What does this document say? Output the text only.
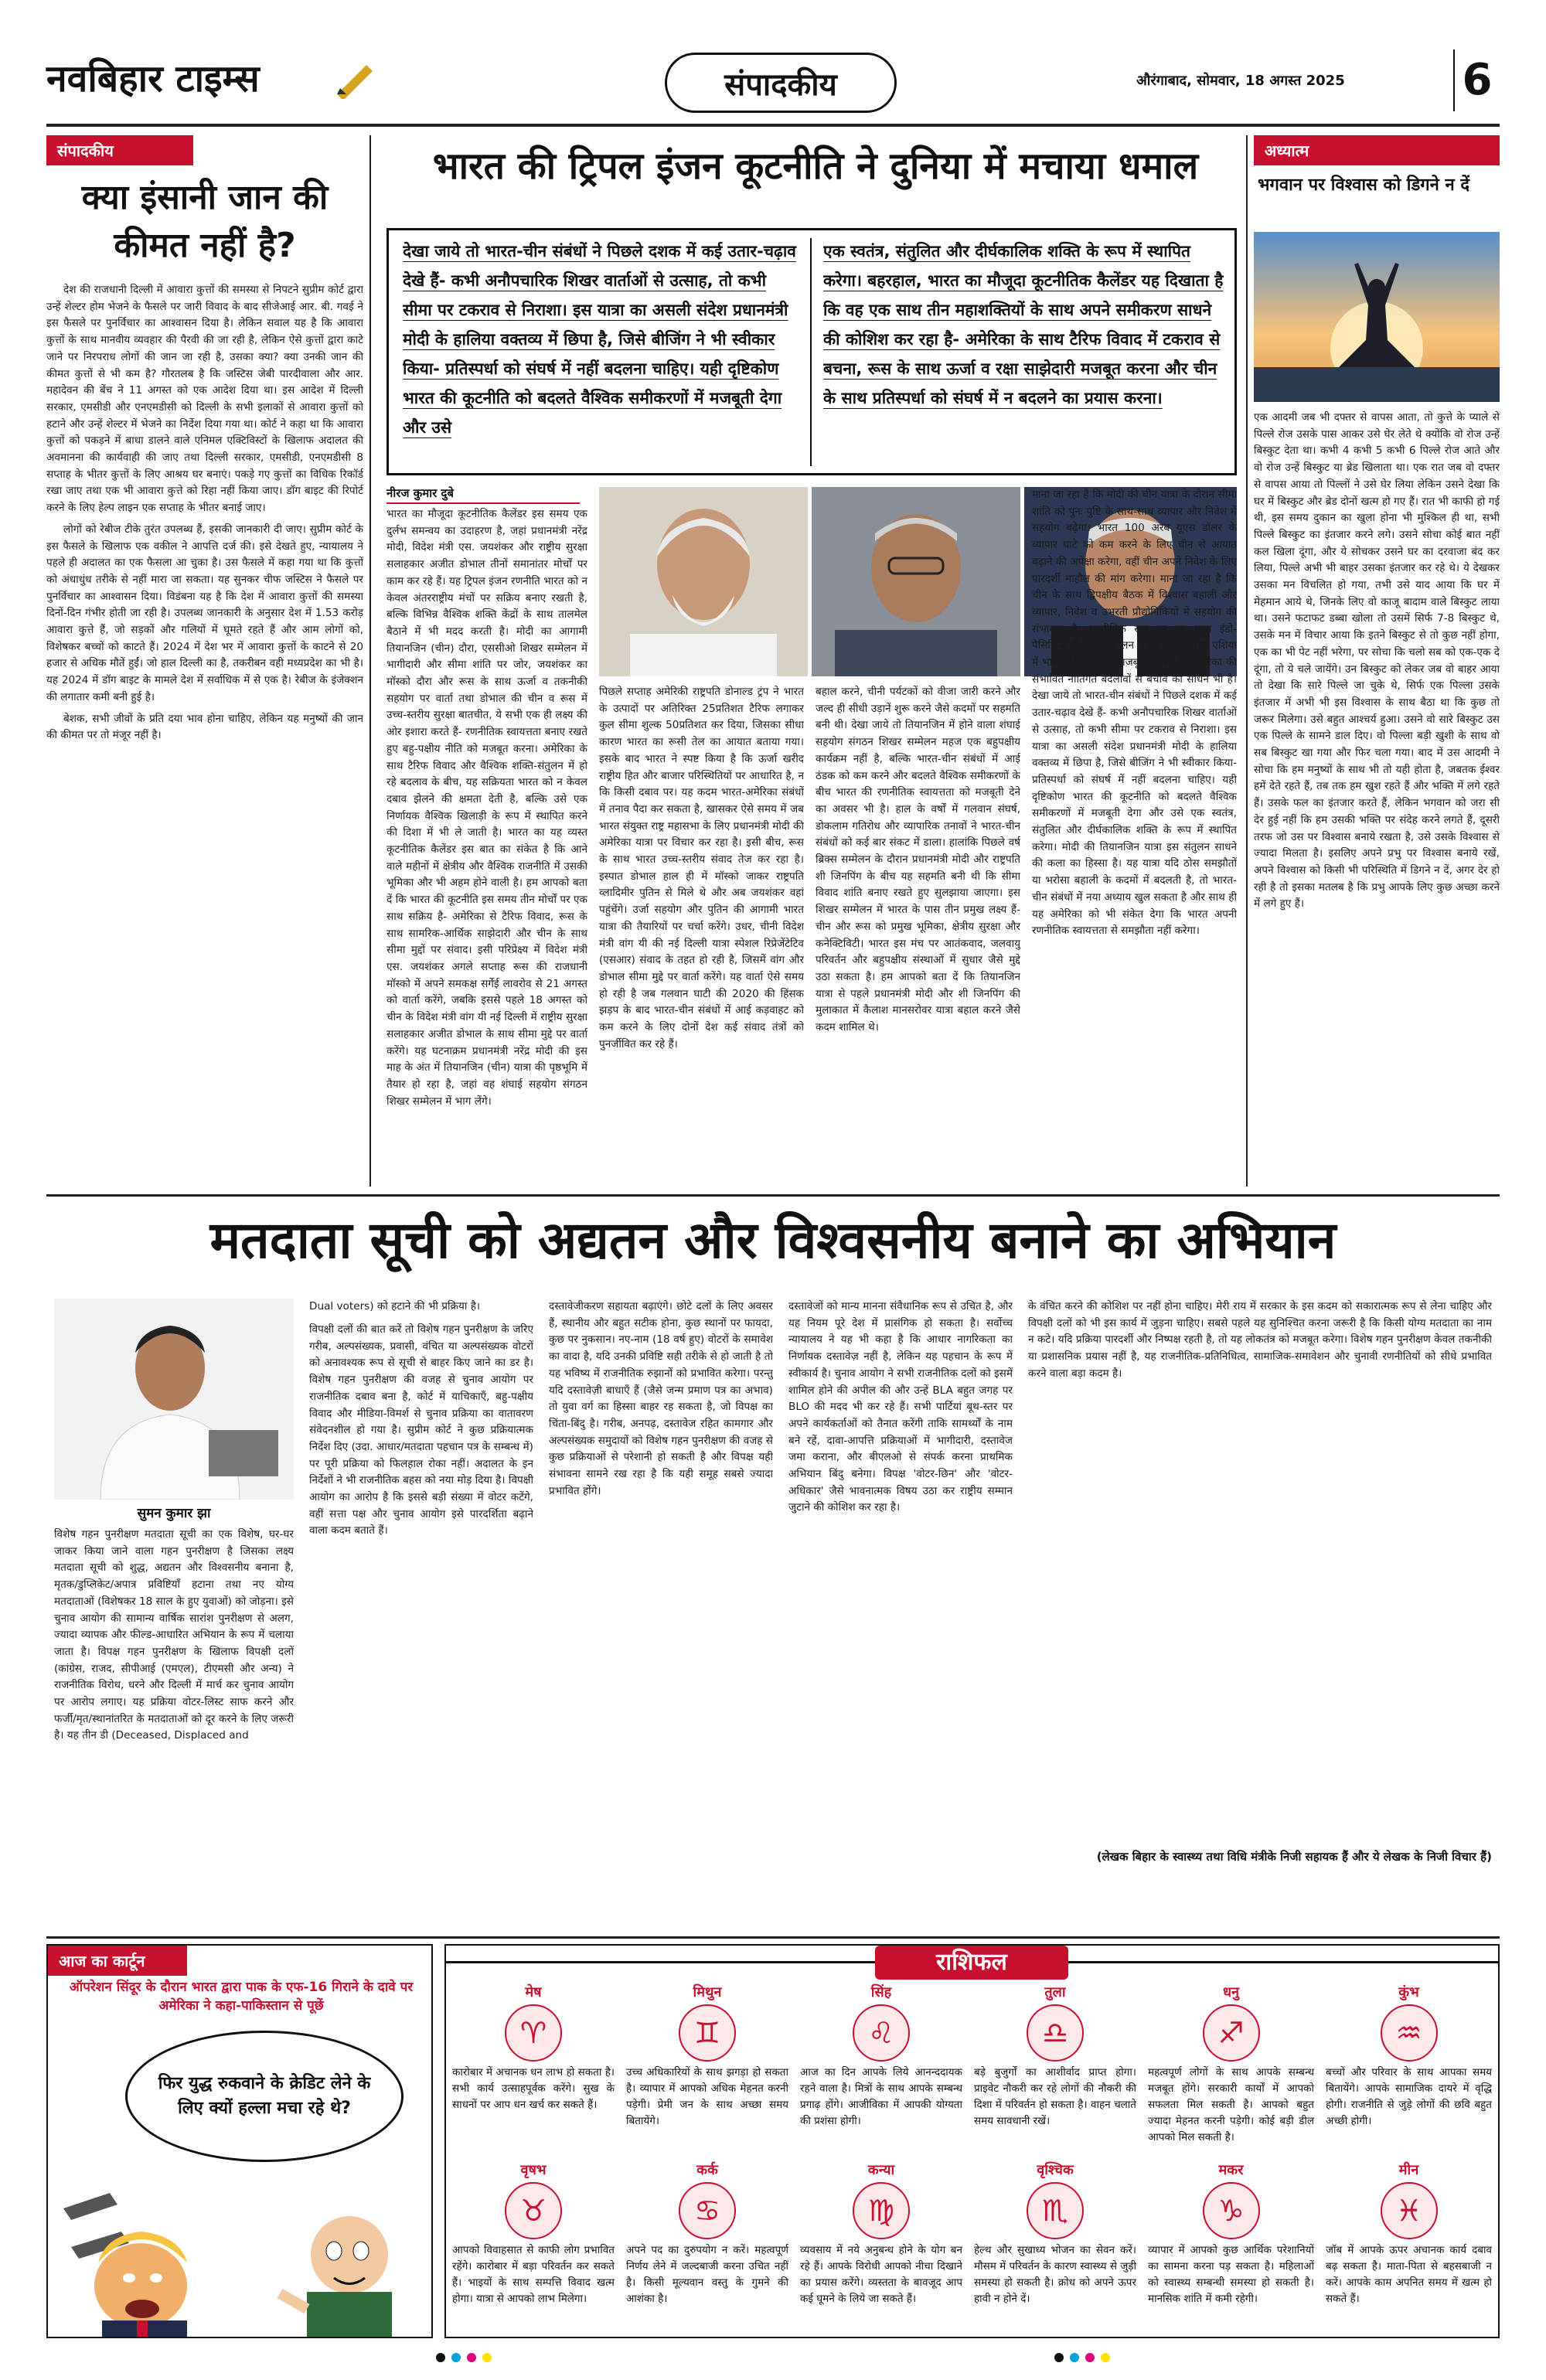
नवबिहार टाइम्स	संपादकीय	औरंगाबाद, सोमवार, 18 अगस्त 2025	6
संपादकीय
क्या इंसानी जान की कीमत नहीं है?

देश की राजधानी दिल्ली में आवारा कुत्तों की समस्या से निपटने सुप्रीम कोर्ट द्वारा उन्हें शेल्टर होम भेजने के फैसले पर जारी विवाद के बाद सीजेआई आर. बी. गवई ने इस फैसले पर पुनर्विचार का आश्वासन दिया है। लेकिन सवाल यह है कि आवारा कुत्तों के साथ मानवीय व्यवहार की पैरवी की जा रही है, लेकिन ऐसे कुत्तों द्वारा काटे जाने पर निरपराध लोगों की जान जा रही है, उसका क्या? क्या उनकी जान की कीमत कुत्तों से भी कम है? गौरतलब है कि जस्टिस जेबी पारदीवाला और आर. महादेवन की बेंच ने 11 अगस्त को एक आदेश दिया था। इस आदेश में दिल्ली सरकार, एमसीडी और एनएमडीसी को दिल्ली के सभी इलाकों से आवारा कुत्तों को हटाने और उन्हें शेल्टर में भेजने का निर्देश दिया गया था। कोर्ट ने कहा था कि आवारा कुत्तों को पकड़ने में बाधा डालने वाले एनिमल एक्टिविस्टों के खिलाफ अदालत की अवमानना की कार्यवाही की जाए तथा दिल्ली सरकार, एमसीडी, एनएमडीसी 8 सप्ताह के भीतर कुत्तों के लिए आश्रय घर बनाएं। पकड़े गए कुत्तों का विधिक रिकॉर्ड रखा जाए तथा एक भी आवारा कुत्ते को रिहा नहीं किया जाए। डॉग बाइट की रिपोर्ट करने के लिए हेल्प लाइन एक सप्ताह के भीतर बनाई जाए।

लोगों को रेबीज टीके तुरंत उपलब्ध हैं, इसकी जानकारी दी जाए। सुप्रीम कोर्ट के इस फैसले के खिलाफ एक वकील ने आपत्ति दर्ज की। इसे देखते हुए, न्यायालय ने पहले ही अदालत का एक फैसला आ चुका है। उस फैसले में कहा गया था कि कुत्तों को अंधाधुंध तरीके से नहीं मारा जा सकता। यह सुनकर चीफ जस्टिस ने फैसले पर पुनर्विचार का आश्वासन दिया। विडंबना यह है कि देश में आवारा कुत्तों की समस्या दिनों-दिन गंभीर होती जा रही है। उपलब्ध जानकारी के अनुसार देश में 1.53 करोड़ आवारा कुत्ते हैं, जो सड़कों और गलियों में घूमते रहते हैं और आम लोगों को, विशेषकर बच्चों को काटते हैं। 2024 में देश भर में आवारा कुत्तों के काटने से 20 हजार से अधिक मौतें हुईं। जो हाल दिल्ली का है, तकरीबन वही मध्यप्रदेश का भी है। यह 2024 में डॉग बाइट के मामले देश में सर्वाधिक में से एक है। रेबीज के इंजेक्शन की लगातार कमी बनी हुई है।

बेशक, सभी जीवों के प्रति दया भाव होना चाहिए, लेकिन यह मनुष्यों की जान की कीमत पर तो मंजूर नहीं है।

भारत की ट्रिपल इंजन कूटनीति ने दुनिया में मचाया धमाल
देखा जाये तो भारत-चीन संबंधों ने पिछले दशक में कई उतार-चढ़ाव देखे हैं- कभी अनौपचारिक शिखर वार्ताओं से उत्साह, तो कभी सीमा पर टकराव से निराशा। इस यात्रा का असली संदेश प्रधानमंत्री मोदी के हालिया वक्तव्य में छिपा है, जिसे बीजिंग ने भी स्वीकार किया- प्रतिस्पर्धा को संघर्ष में नहीं बदलना चाहिए। यही दृष्टिकोण भारत की कूटनीति को बदलते वैश्विक समीकरणों में मजबूती देगा और उसे
एक स्वतंत्र, संतुलित और दीर्घकालिक शक्ति के रूप में स्थापित करेगा। बहरहाल, भारत का मौजूदा कूटनीतिक कैलेंडर यह दिखाता है कि वह एक साथ तीन महाशक्तियों के साथ अपने समीकरण साधने की कोशिश कर रहा है- अमेरिका के साथ टैरिफ विवाद में टकराव से बचना, रूस के साथ ऊर्जा व रक्षा साझेदारी मजबूत करना और चीन के साथ प्रतिस्पर्धा को संघर्ष में न बदलने का प्रयास करना।
नीरज कुमार दुबे
भारत का मौजूदा कूटनीतिक कैलेंडर इस समय एक दुर्लभ समन्वय का उदाहरण है, जहां प्रधानमंत्री नरेंद्र मोदी, विदेश मंत्री एस. जयशंकर और राष्ट्रीय सुरक्षा सलाहकार अजीत डोभाल तीनों समानांतर मोर्चों पर काम कर रहे हैं। यह ट्रिपल इंजन रणनीति भारत को न केवल अंतरराष्ट्रीय मंचों पर सक्रिय बनाए रखती है, बल्कि विभिन्न वैश्विक शक्ति केंद्रों के साथ तालमेल बैठाने में भी मदद करती है। मोदी का आगामी तियानजिन (चीन) दौरा, एससीओ शिखर सम्मेलन में भागीदारी और सीमा शांति पर जोर, जयशंकर का मॉस्को दौरा और रूस के साथ ऊर्जा व तकनीकी सहयोग पर वार्ता तथा डोभाल की चीन व रूस में उच्च-स्तरीय सुरक्षा बातचीत, ये सभी एक ही लक्ष्य की ओर इशारा करते हैं- रणनीतिक स्वायत्तता बनाए रखते हुए बहु-पक्षीय नीति को मजबूत करना। अमेरिका के साथ टैरिफ विवाद और वैश्विक शक्ति-संतुलन में हो रहे बदलाव के बीच, यह सक्रियता भारत को न केवल दबाव झेलने की क्षमता देती है, बल्कि उसे एक निर्णायक वैश्विक खिलाड़ी के रूप में स्थापित करने की दिशा में भी ले जाती है। भारत का यह व्यस्त कूटनीतिक कैलेंडर इस बात का संकेत है कि आने वाले महीनों में क्षेत्रीय और वैश्विक राजनीति में उसकी भूमिका और भी अहम होने वाली है। हम आपको बता दें कि भारत की कूटनीति इस समय तीन मोर्चों पर एक साथ सक्रिय है- अमेरिका से टैरिफ विवाद, रूस के साथ सामरिक-आर्थिक साझेदारी और चीन के साथ सीमा मुद्दों पर संवाद। इसी परिप्रेक्ष्य में विदेश मंत्री एस. जयशंकर अगले सप्ताह रूस की राजधानी मॉस्को में अपने समकक्ष सर्गेई लावरोव से 21 अगस्त को वार्ता करेंगे, जबकि इससे पहले 18 अगस्त को चीन के विदेश मंत्री वांग यी नई दिल्ली में राष्ट्रीय सुरक्षा सलाहकार अजीत डोभाल के साथ सीमा मुद्दे पर वार्ता करेंगे। यह घटनाक्रम प्रधानमंत्री नरेंद्र मोदी की इस माह के अंत में तियानजिन (चीन) यात्रा की पृष्ठभूमि में तैयार हो रहा है, जहां वह शंघाई सहयोग संगठन शिखर सम्मेलन में भाग लेंगे।
पिछले सप्ताह अमेरिकी राष्ट्रपति डोनाल्ड ट्रंप ने भारत के उत्पादों पर अतिरिक्त 25प्रतिशत टैरिफ लगाकर कुल सीमा शुल्क 50प्रतिशत कर दिया, जिसका सीधा कारण भारत का रूसी तेल का आयात बताया गया। इसके बाद भारत ने स्पष्ट किया है कि ऊर्जा खरीद राष्ट्रीय हित और बाजार परिस्थितियों पर आधारित है, न कि किसी दबाव पर। यह कदम भारत-अमेरिका संबंधों में तनाव पैदा कर सकता है, खासकर ऐसे समय में जब भारत संयुक्त राष्ट्र महासभा के लिए प्रधानमंत्री मोदी की अमेरिका यात्रा पर विचार कर रहा है। इसी बीच, रूस के साथ भारत उच्च-स्तरीय संवाद तेज कर रहा है। इस्पात डोभाल हाल ही में मॉस्को जाकर राष्ट्रपति व्लादिमीर पुतिन से मिले थे और अब जयशंकर वहां पहुंचेंगे। उर्जा सहयोग और पुतिन की आगामी भारत यात्रा की तैयारियों पर चर्चा करेंगे। उधर, चीनी विदेश मंत्री वांग यी की नई दिल्ली यात्रा स्पेशल रिप्रेजेंटेटिव (एसआर) संवाद के तहत हो रही है, जिसमें वांग और डोभाल सीमा मुद्दे पर वार्ता करेंगे। यह वार्ता ऐसे समय हो रही है जब गलवान घाटी की 2020 की हिंसक झड़प के बाद भारत-चीन संबंधों में आई कड़वाहट को कम करने के लिए दोनों देश कई संवाद तंत्रों को पुनर्जीवित कर रहे हैं।
बहाल करने, चीनी पर्यटकों को वीजा जारी करने और जल्द ही सीधी उड़ानें शुरू करने जैसे कदमों पर सहमति बनी थी। देखा जाये तो तियानजिन में होने वाला शंघाई सहयोग संगठन शिखर सम्मेलन महज एक बहुपक्षीय कार्यक्रम नहीं है, बल्कि भारत-चीन संबंधों में आई ठंडक को कम करने और बदलते वैश्विक समीकरणों के बीच भारत की रणनीतिक स्वायत्तता को मजबूती देने का अवसर भी है। हाल के वर्षों में गलवान संघर्ष, डोकलाम गतिरोध और व्यापारिक तनावों ने भारत-चीन संबंधों को कई बार संकट में डाला। हालांकि पिछले वर्ष ब्रिक्स सम्मेलन के दौरान प्रधानमंत्री मोदी और राष्ट्रपति शी जिनपिंग के बीच यह सहमति बनी थी कि सीमा विवाद शांति बनाए रखते हुए सुलझाया जाएगा। इस शिखर सम्मेलन में भारत के पास तीन प्रमुख लक्ष्य हैं- चीन और रूस को प्रमुख भूमिका, क्षेत्रीय सुरक्षा और कनेक्टिविटी। भारत इस मंच पर आतंकवाद, जलवायु परिवर्तन और बहुपक्षीय संस्थाओं में सुधार जैसे मुद्दे उठा सकता है। हम आपको बता दें कि तियानजिन यात्रा से पहले प्रधानमंत्री मोदी और शी जिनपिंग की मुलाकात में कैलाश मानसरोवर यात्रा बहाल करने जैसे कदम शामिल थे।
माना जा रहा है कि मोदी की चीन यात्रा के दौरान सीमा शांति को पुनः पुष्टि के साथ-साथ व्यापार और निवेश में सहयोग बढ़ेगा। भारत 100 अरब यूएस डॉलर के व्यापार घाटे को कम करने के लिए चीन से आयात बढ़ाने की अपेक्षा करेगा, वहीं चीन अपने निवेश के लिए पारदर्शी माहौल की मांग करेगा। माना जा रहा है कि चीन के साथ द्विपक्षीय बैठक में विश्वास बहाली और व्यापार, निवेश व उभरती प्रौद्योगिकियों में सहयोग की संभावना है। रणनीतिक स्तर पर यह यात्रा इंडो-पैसिफिक में शक्ति-संतुलन बनाए रखने, मध्य एशिया में भारत की उपस्थिति मजबूत करने और अमेरिका की संभावित नीतिगत बदलावों से बचाव का साधन भी है। देखा जाये तो भारत-चीन संबंधों ने पिछले दशक में कई उतार-चढ़ाव देखे हैं- कभी अनौपचारिक शिखर वार्ताओं से उत्साह, तो कभी सीमा पर टकराव से निराशा। इस यात्रा का असली संदेश प्रधानमंत्री मोदी के हालिया वक्तव्य में छिपा है, जिसे बीजिंग ने भी स्वीकार किया- प्रतिस्पर्धा को संघर्ष में नहीं बदलना चाहिए। यही दृष्टिकोण भारत की कूटनीति को बदलते वैश्विक समीकरणों में मजबूती देगा और उसे एक स्वतंत्र, संतुलित और दीर्घकालिक शक्ति के रूप में स्थापित करेगा। मोदी की तियानजिन यात्रा इस संतुलन साधने की कला का हिस्सा है। यह यात्रा यदि ठोस समझौतों या भरोसा बहाली के कदमों में बदलती है, तो भारत-चीन संबंधों में नया अध्याय खुल सकता है और साथ ही यह अमेरिका को भी संकेत देगा कि भारत अपनी रणनीतिक स्वायत्तता से समझौता नहीं करेगा।
अध्यात्म
भगवान पर विश्वास को डिगने न दें
एक आदमी जब भी दफ्तर से वापस आता, तो कुत्ते के प्याले से पिल्ले रोज उसके पास आकर उसे घेर लेते थे क्योंकि वो रोज उन्हें बिस्कुट देता था। कभी 4 कभी 5 कभी 6 पिल्ले रोज आते और वो रोज उन्हें बिस्कुट या ब्रेड खिलाता था। एक रात जब वो दफ्तर से वापस आया तो पिल्लों ने उसे घेर लिया लेकिन उसने देखा कि घर में बिस्कुट और ब्रेड दोनों खत्म हो गए हैं। रात भी काफी हो गई थी, इस समय दुकान का खुला होना भी मुश्किल ही था, सभी पिल्ले बिस्कुट का इंतजार करने लगे। उसने सोचा कोई बात नहीं कल खिला दूंगा, और ये सोचकर उसने घर का दरवाजा बंद कर लिया, पिल्ले अभी भी बाहर उसका इंतजार कर रहे थे। ये देखकर उसका मन विचलित हो गया, तभी उसे याद आया कि घर में मेहमान आये थे, जिनके लिए वो काजू बादाम वाले बिस्कुट लाया था। उसने फटाफट डब्बा खोला तो उसमें सिर्फ 7-8 बिस्कुट थे, उसके मन में विचार आया कि इतने बिस्कुट से तो कुछ नहीं होगा, एक का भी पेट नहीं भरेगा, पर सोचा कि चलो सब को एक-एक दे दूंगा, तो ये चले जायेंगे। उन बिस्कुट को लेकर जब वो बाहर आया तो देखा कि सारे पिल्ले जा चुके थे, सिर्फ एक पिल्ला उसके इंतजार में अभी भी इस विश्वास के साथ बैठा था कि कुछ तो जरूर मिलेगा। उसे बहुत आश्चर्य हुआ। उसने वो सारे बिस्कुट उस एक पिल्ले के सामने डाल दिए। वो पिल्ला बड़ी खुशी के साथ वो सब बिस्कुट खा गया और फिर चला गया। बाद में उस आदमी ने सोचा कि हम मनुष्यों के साथ भी तो यही होता है, जबतक ईश्वर हमें देते रहते हैं, तब तक हम खुश रहते हैं और भक्ति में लगे रहते हैं। उसके फल का इंतजार करते हैं, लेकिन भगवान को जरा सी देर हुई नहीं कि हम उसकी भक्ति पर संदेह करने लगते हैं, दूसरी तरफ जो उस पर विश्वास बनाये रखता है, उसे उसके विश्वास से ज्यादा मिलता है। इसलिए अपने प्रभु पर विश्वास बनाये रखें, अपने विश्वास को किसी भी परिस्थिति में डिगने न दें, अगर देर हो रही है तो इसका मतलब है कि प्रभु आपके लिए कुछ अच्छा करने में लगे हुए हैं।
मतदाता सूची को अद्यतन और विश्वसनीय बनाने का अभियान
सुमन कुमार झा
Dual voters) को हटाने की भी प्रक्रिया है।
विशेष गहन पुनरीक्षण मतदाता सूची का एक विशेष, घर-घर जाकर किया जाने वाला गहन पुनरीक्षण है जिसका लक्ष्य मतदाता सूची को शुद्ध, अद्यतन और विश्वसनीय बनाना है, मृतक/डुप्लिकेट/अपात्र प्रविष्टियाँ हटाना तथा नए योग्य मतदाताओं (विशेषकर 18 साल के हुए युवाओं) को जोड़ना। इसे चुनाव आयोग की सामान्य वार्षिक सारांश पुनरीक्षण से अलग, ज्यादा व्यापक और फील्ड-आधारित अभियान के रूप में चलाया जाता है। विपक्ष गहन पुनरीक्षण के खिलाफ विपक्षी दलों (कांग्रेस, राजद, सीपीआई (एमएल), टीएमसी और अन्य) ने राजनीतिक विरोध, धरने और दिल्ली में मार्च कर चुनाव आयोग पर आरोप लगाए। यह प्रक्रिया वोटर-लिस्ट साफ करने और फर्जी/मृत/स्थानांतरित के मतदाताओं को दूर करने के लिए जरूरी है। यह तीन डी (Deceased, Displaced and
विपक्षी दलों की बात करें तो विशेष गहन पुनरीक्षण के जरिए गरीब, अल्पसंख्यक, प्रवासी, वंचित या अल्पसंख्यक वोटरों को अनावश्यक रूप से सूची से बाहर किए जाने का डर है। विशेष गहन पुनरीक्षण की वजह से चुनाव आयोग पर राजनीतिक दबाव बना है, कोर्ट में याचिकाएँ, बहु-पक्षीय विवाद और मीडिया-विमर्श से चुनाव प्रक्रिया का वातावरण संवेदनशील हो गया है। सुप्रीम कोर्ट ने कुछ प्रक्रियात्मक निर्देश दिए (उदा. आधार/मतदाता पहचान पत्र के सम्बन्ध में) पर पूरी प्रक्रिया को फिलहाल रोका नहीं। अदालत के इन निर्देशों ने भी राजनीतिक बहस को नया मोड़ दिया है। विपक्षी आयोग का आरोप है कि इससे बड़ी संख्या में वोटर कटेंगे, वहीं सत्ता पक्ष और चुनाव आयोग इसे पारदर्शिता बढ़ाने वाला कदम बताते हैं।
दस्तावेजीकरण सहायता बढ़ाएंगे। छोटे दलों के लिए अवसर हैं, स्थानीय और बहुत सटीक होना, कुछ स्थानों पर फायदा, कुछ पर नुकसान। नए-नाम (18 वर्ष हुए) वोटरों के समावेश का वादा है, यदि उनकी प्रविष्टि सही तरीके से हो जाती है तो यह भविष्य में राजनीतिक रुझानों को प्रभावित करेगा। परन्तु यदि दस्तावेज़ी बाधाएँ हैं (जैसे जन्म प्रमाण पत्र का अभाव) तो युवा वर्ग का हिस्सा बाहर रह सकता है, जो विपक्ष का चिंता-बिंदु है। गरीब, अनपढ़, दस्तावेज रहित कामगार और अल्पसंख्यक समुदायों को विशेष गहन पुनरीक्षण की वजह से कुछ प्रक्रियाओं से परेशानी हो सकती है और विपक्ष यही संभावना सामने रख रहा है कि यही समूह सबसे ज्यादा प्रभावित होंगे।
दस्तावेजों को मान्य मानना संवैधानिक रूप से उचित है, और यह नियम पूरे देश में प्रासंगिक हो सकता है। सर्वोच्च न्यायालय ने यह भी कहा है कि आधार नागरिकता का निर्णायक दस्तावेज़ नहीं है, लेकिन यह पहचान के रूप में स्वीकार्य है। चुनाव आयोग ने सभी राजनीतिक दलों को इसमें शामिल होने की अपील की और उन्हें BLA बहुत जगह पर BLO की मदद भी कर रहे हैं। सभी पार्टियां बूथ-स्तर पर अपने कार्यकर्ताओं को तैनात करेंगी ताकि सामर्थ्यों के नाम बने रहें, दावा-आपत्ति प्रक्रियाओं में भागीदारी, दस्तावेज जमा कराना, और बीएलओ से संपर्क करना प्राथमिक अभियान बिंदु बनेगा। विपक्ष 'वोटर-छिन' और 'वोटर-अधिकार' जैसे भावनात्मक विषय उठा कर राष्ट्रीय सम्मान जुटाने की कोशिश कर रहा है।
के वंचित करने की कोशिश पर नहीं होना चाहिए। मेरी राय में सरकार के इस कदम को सकारात्मक रूप से लेना चाहिए और विपक्षी दलों को भी इस कार्य में जुड़ना चाहिए। सबसे पहले यह सुनिश्चित करना जरूरी है कि किसी योग्य मतदाता का नाम न कटे। यदि प्रक्रिया पारदर्शी और निष्पक्ष रहती है, तो यह लोकतंत्र को मजबूत करेगा। विशेष गहन पुनरीक्षण केवल तकनीकी या प्रशासनिक प्रयास नहीं है, यह राजनीतिक-प्रतिनिधित्व, सामाजिक-समावेशन और चुनावी रणनीतियों को सीधे प्रभावित करने वाला बड़ा कदम है।
(लेखक बिहार के स्वास्थ्य तथा विधि मंत्रीके निजी सहायक हैं और ये लेखक के निजी विचार हैं)
आज का कार्टून
ऑपरेशन सिंदूर के दौरान भारत द्वारा पाक के एफ-16 गिराने के दावे पर अमेरिका ने कहा-पाकिस्तान से पूछें
फिर युद्ध रुकवाने के क्रेडिट लेने के लिए क्यों हल्ला मचा रहे थे?
राशिफल
मेष
♈
कारोबार में अचानक धन लाभ हो सकता है। सभी कार्य उत्साहपूर्वक करेंगे। सुख के साधनों पर आप धन खर्च कर सकते हैं।
मिथुन
♊
उच्च अधिकारियों के साथ झगड़ा हो सकता है। व्यापार में आपको अधिक मेहनत करनी पड़ेगी। प्रेमी जन के साथ अच्छा समय बितायेंगे।
सिंह
♌
आज का दिन आपके लिये आनन्ददायक रहने वाला है। मित्रों के साथ आपके सम्बन्ध प्रगाढ़ होंगे। आजीविका में आपकी योग्यता की प्रशंसा होगी।
तुला
♎
बड़े बुजुर्गों का आशीर्वाद प्राप्त होगा। प्राइवेट नौकरी कर रहे लोगों की नौकरी की दिशा में परिवर्तन हो सकता है। वाहन चलाते समय सावधानी रखें।
धनु
♐
महत्वपूर्ण लोगों के साथ आपके सम्बन्ध मजबूत होंगे। सरकारी कार्यों में आपको सफलता मिल सकती है। आपको बहुत ज्यादा मेहनत करनी पड़ेगी। कोई बड़ी डील आपको मिल सकती है।
कुंभ
♒
बच्चों और परिवार के साथ आपका समय बितायेंगे। आपके सामाजिक दायरे में वृद्धि होगी। राजनीति से जुड़े लोगों की छवि बहुत अच्छी होगी।
वृषभ
♉
आपको विवाहसात से काफी लोग प्रभावित रहेंगे। कारोबार में बड़ा परिवर्तन कर सकते हैं। भाइयों के साथ सम्पत्ति विवाद खत्म होगा। यात्रा से आपको लाभ मिलेगा।
कर्क
♋
अपने पद का दुरुपयोग न करें। महत्वपूर्ण निर्णय लेने में जल्दबाजी करना उचित नहीं है। किसी मूल्यवान वस्तु के गुमने की आशंका है।
कन्या
♍
व्यवसाय में नये अनुबन्ध होने के योग बन रहे हैं। आपके विरोधी आपको नीचा दिखाने का प्रयास करेंगे। व्यस्तता के बावजूद आप कई घूमने के लिये जा सकते हैं।
वृश्चिक
♏
हेल्थ और सुखाध्य भोजन का सेवन करें। मौसम में परिवर्तन के कारण स्वास्थ्य से जुड़ी समस्या हो सकती है। क्रोध को अपने ऊपर हावी न होने दें।
मकर
♑
व्यापार में आपको कुछ आर्थिक परेशानियों का सामना करना पड़ सकता है। महिलाओं को स्वास्थ्य सम्बन्धी समस्या हो सकती है। मानसिक शांति में कमी रहेगी।
मीन
♓
जॉब में आपके ऊपर अचानक कार्य दबाव बढ़ सकता है। माता-पिता से बहसबाजी न करें। आपके काम अपनित समय में खत्म हो सकते हैं।
